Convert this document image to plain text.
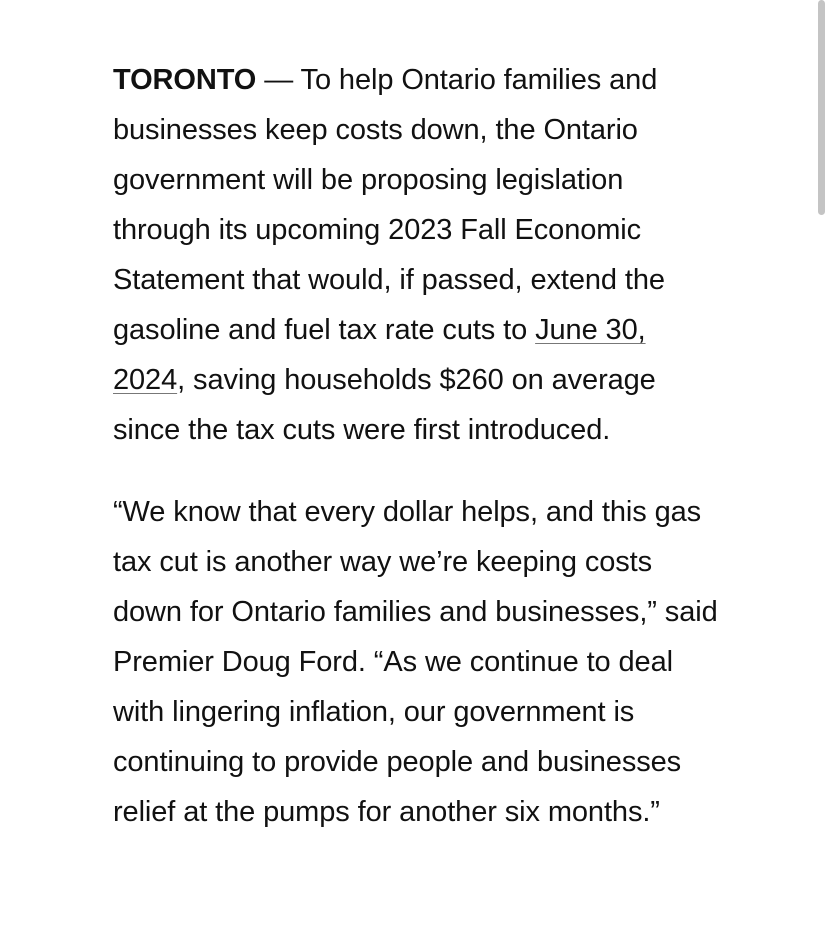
TORONTO — To help Ontario families and businesses keep costs down, the Ontario government will be proposing legislation through its upcoming 2023 Fall Economic Statement that would, if passed, extend the gasoline and fuel tax rate cuts to June 30, 2024, saving households $260 on average since the tax cuts were first introduced.

“We know that every dollar helps, and this gas tax cut is another way we’re keeping costs down for Ontario families and businesses,” said Premier Doug Ford. “As we continue to deal with lingering inflation, our government is continuing to provide people and businesses relief at the pumps for another six months.”
